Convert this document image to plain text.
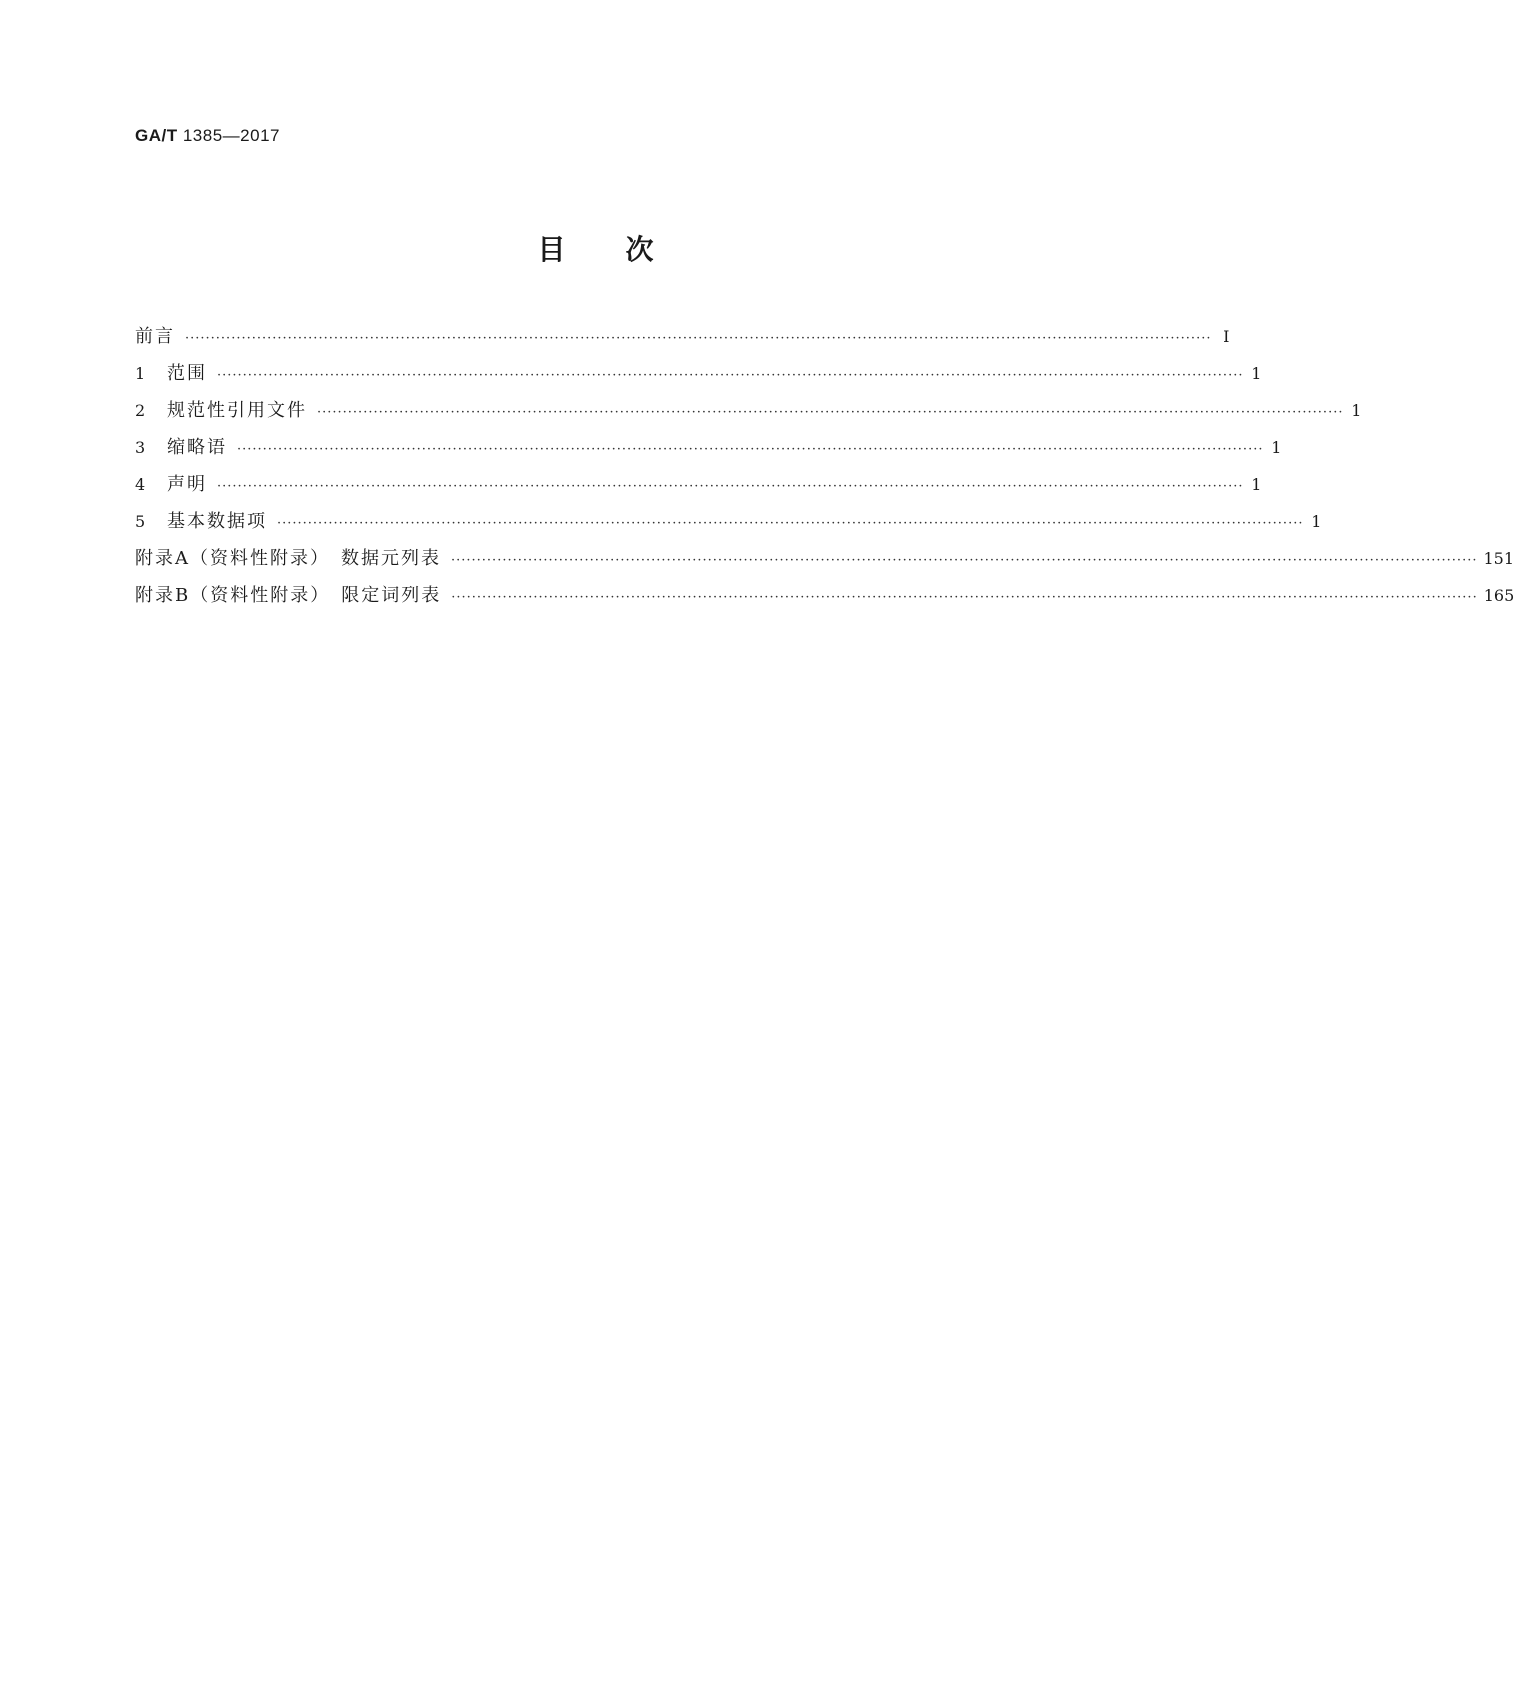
GA/T 1385—2017
目次
前言 ········································································································································································································ Ⅰ
1	范围 ········································································································································································································ 1
2	规范性引用文件 ········································································································································································································ 1
3	缩略语 ········································································································································································································ 1
4	声明 ········································································································································································································ 1
5	基本数据项 ········································································································································································································ 1
附录A（资料性附录）　数据元列表 ········································································································································································································ 151
附录B（资料性附录）　限定词列表 ········································································································································································································ 165
